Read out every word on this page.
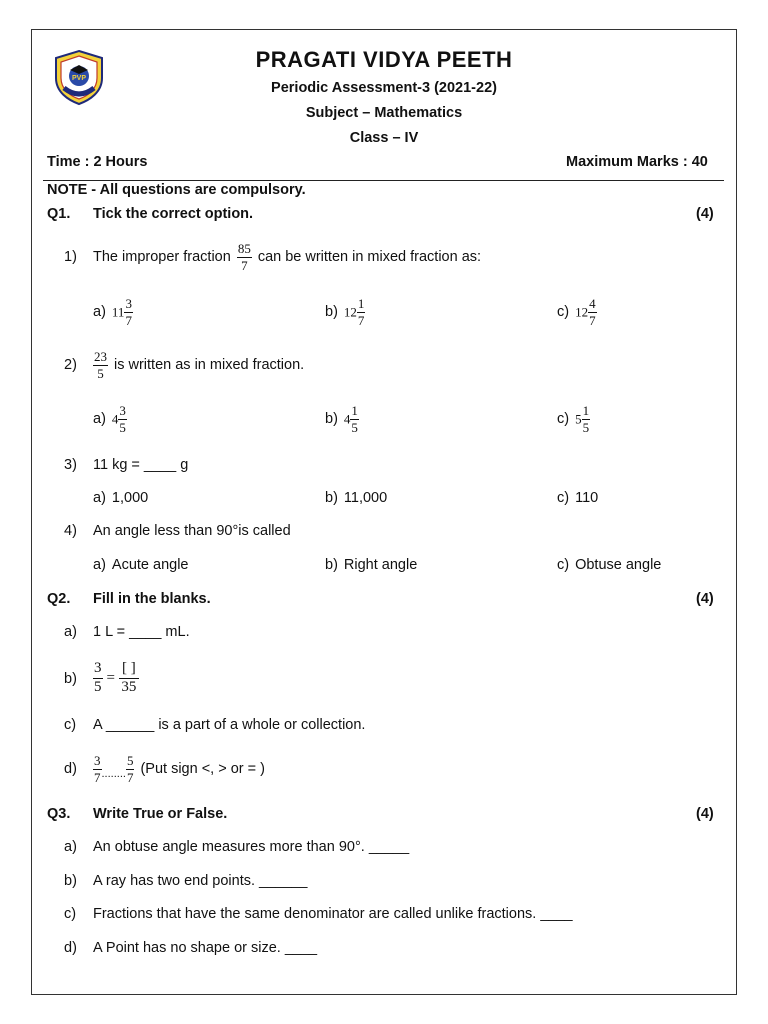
PVP
PRAGATI VIDYA PEETH
Periodic Assessment-3 (2021-22)
Subject – Mathematics
Class – IV
Time : 2 Hours	Maximum Marks : 40
NOTE - All questions are compulsory.
Q1. Tick the correct option.	(4)
1) The improper fraction $\frac{85}{7}$ can be written in mixed fraction as:
a) $11 \frac{3}{7}$	b) $12 \frac{1}{7}$	c) $12 \frac{4}{7}$
$2) \frac{23}{5}$ is written as in mixed fraction.
a) $4 \frac{3}{5}$	b) $4 \frac{1}{5}$	c) $5 \frac{1}{5}$
3) 11 kg = ____ g
a) 1,000	b) 11,000	c) 110
4) An angle less than 90°is called
a) Acute angle	b) Right angle	c) Obtuse angle
Q2. Fill in the blanks.	(4)
a) 1 L = ____ mL.
$b) \frac{3}{5} = \frac{[ ]}{35}$
c) A ______ is a part of a whole or collection.
$d) \frac{3}{7}$ ........ $\frac{5}{7} (Put$ sign <, > or = )
Q3. Write True or False.	(4)
a) An obtuse angle measures more than 90°. _____
b) A ray has two end points. ______
c) Fractions that have the same denominator are called unlike fractions. ____
d) A Point has no shape or size. ____
